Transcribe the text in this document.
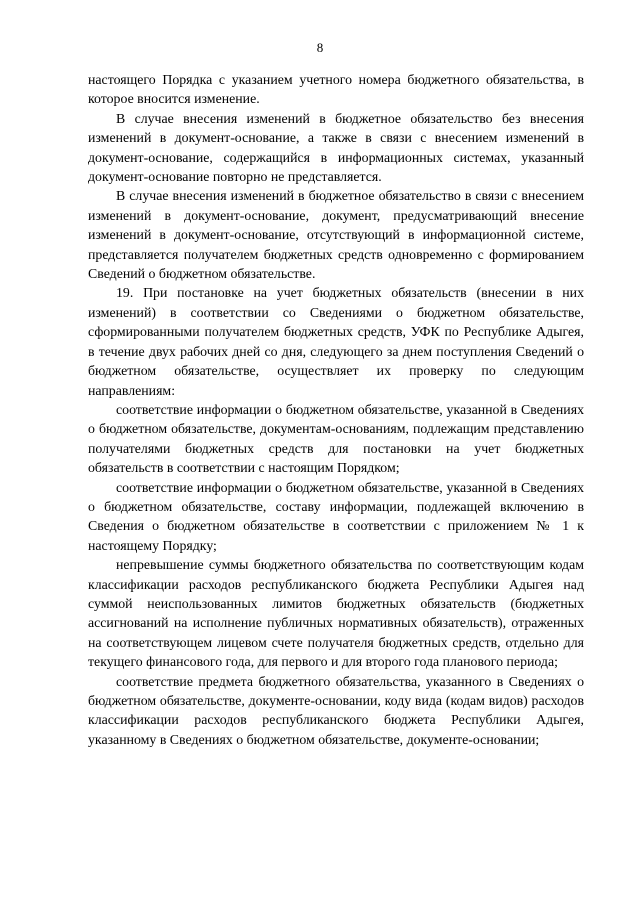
8

настоящего Порядка с указанием учетного номера бюджетного обязательства, в которое вносится изменение.

В случае внесения изменений в бюджетное обязательство без внесения изменений в документ-основание, а также в связи с внесением изменений в документ-основание, содержащийся в информационных системах, указанный документ-основание повторно не представляется.

В случае внесения изменений в бюджетное обязательство в связи с внесением изменений в документ-основание, документ, предусматривающий внесение изменений в документ-основание, отсутствующий в информационной системе, представляется получателем бюджетных средств одновременно с формированием Сведений о бюджетном обязательстве.

19. При постановке на учет бюджетных обязательств (внесении в них изменений) в соответствии со Сведениями о бюджетном обязательстве, сформированными получателем бюджетных средств, УФК по Республике Адыгея, в течение двух рабочих дней со дня, следующего за днем поступления Сведений о бюджетном обязательстве, осуществляет их проверку по следующим направлениям:

соответствие информации о бюджетном обязательстве, указанной в Сведениях о бюджетном обязательстве, документам-основаниям, подлежащим представлению получателями бюджетных средств для постановки на учет бюджетных обязательств в соответствии с настоящим Порядком;

соответствие информации о бюджетном обязательстве, указанной в Сведениях о бюджетном обязательстве, составу информации, подлежащей включению в Сведения о бюджетном обязательстве в соответствии с приложением № 1 к настоящему Порядку;

непревышение суммы бюджетного обязательства по соответствующим кодам классификации расходов республиканского бюджета Республики Адыгея над суммой неиспользованных лимитов бюджетных обязательств (бюджетных ассигнований на исполнение публичных нормативных обязательств), отраженных на соответствующем лицевом счете получателя бюджетных средств, отдельно для текущего финансового года, для первого и для второго года планового периода;

соответствие предмета бюджетного обязательства, указанного в Сведениях о бюджетном обязательстве, документе-основании, коду вида (кодам видов) расходов классификации расходов республиканского бюджета Республики Адыгея, указанному в Сведениях о бюджетном обязательстве, документе-основании;
